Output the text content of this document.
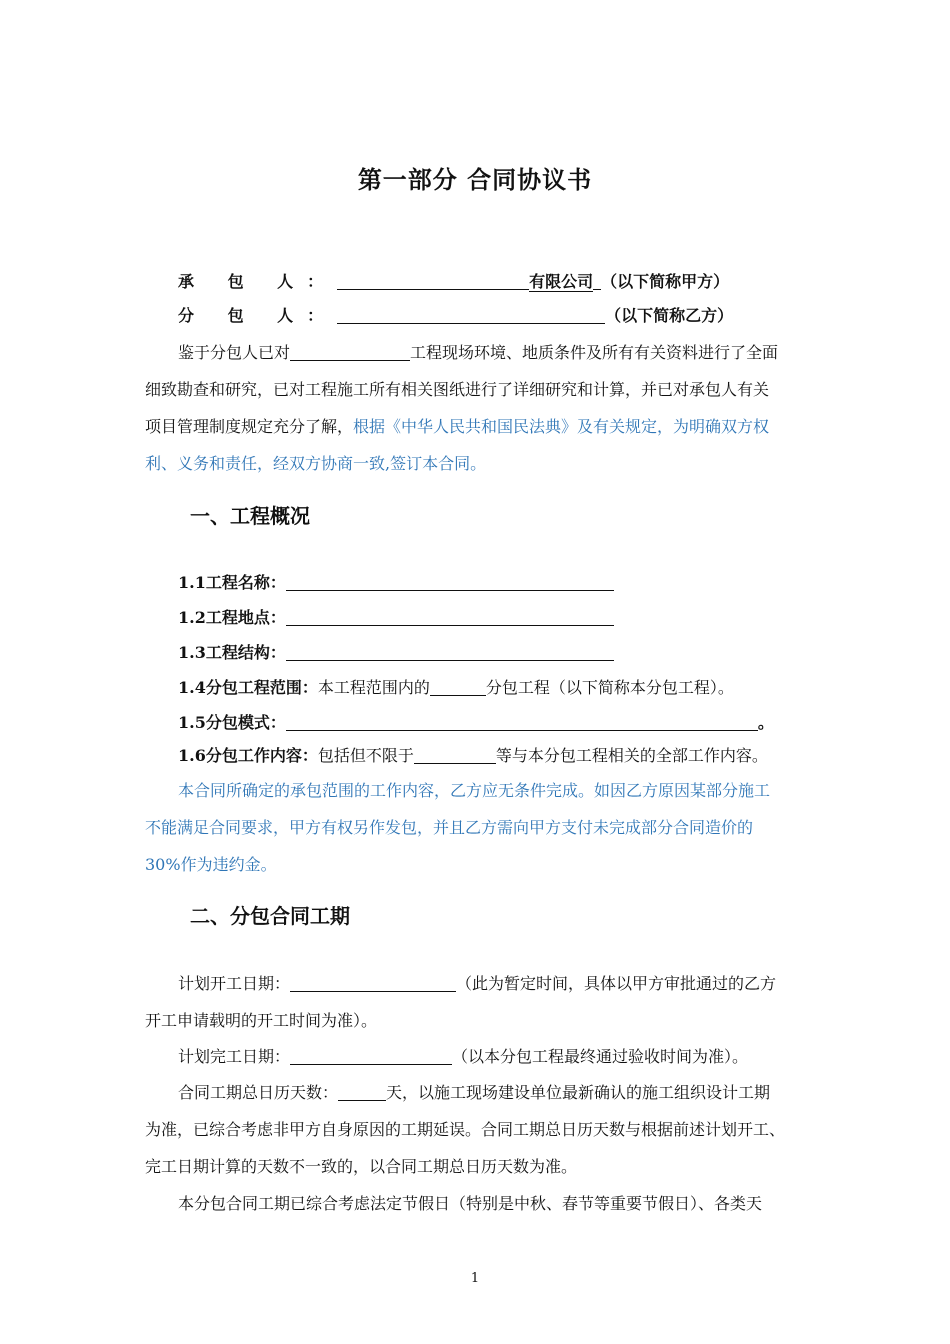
第一部分 合同协议书
承 包 人：	有限公司 （以下简称甲方）
分 包 人：	（以下简称乙方）
鉴于分包人已对	工程现场环境、地质条件及所有有关资料进行了全面
细致勘查和研究，已对工程施工所有相关图纸进行了详细研究和计算，并已对承包人有关
项目管理制度规定充分了解，根据《中华人民共和国民法典》及有关规定，为明确双方权
利、义务和责任，经双方协商一致,签订本合同。
一、工程概况
1.1工程名称：
1.2工程地点：
1.3工程结构：
1.4分包工程范围：本工程范围内的	分包工程（以下简称本分包工程）。
1.5分包模式：	。
1.6分包工作内容：包括但不限于	等与本分包工程相关的全部工作内容。
本合同所确定的承包范围的工作内容，乙方应无条件完成。如因乙方原因某部分施工
不能满足合同要求，甲方有权另作发包，并且乙方需向甲方支付未完成部分合同造价的
30%作为违约金。
二、分包合同工期
计划开工日期：	（此为暂定时间，具体以甲方审批通过的乙方
开工申请载明的开工时间为准）。
计划完工日期：	（以本分包工程最终通过验收时间为准）。
合同工期总日历天数：	天，以施工现场建设单位最新确认的施工组织设计工期
为准，已综合考虑非甲方自身原因的工期延误。合同工期总日历天数与根据前述计划开工、
完工日期计算的天数不一致的，以合同工期总日历天数为准。
本分包合同工期已综合考虑法定节假日（特别是中秋、春节等重要节假日）、各类天
1
